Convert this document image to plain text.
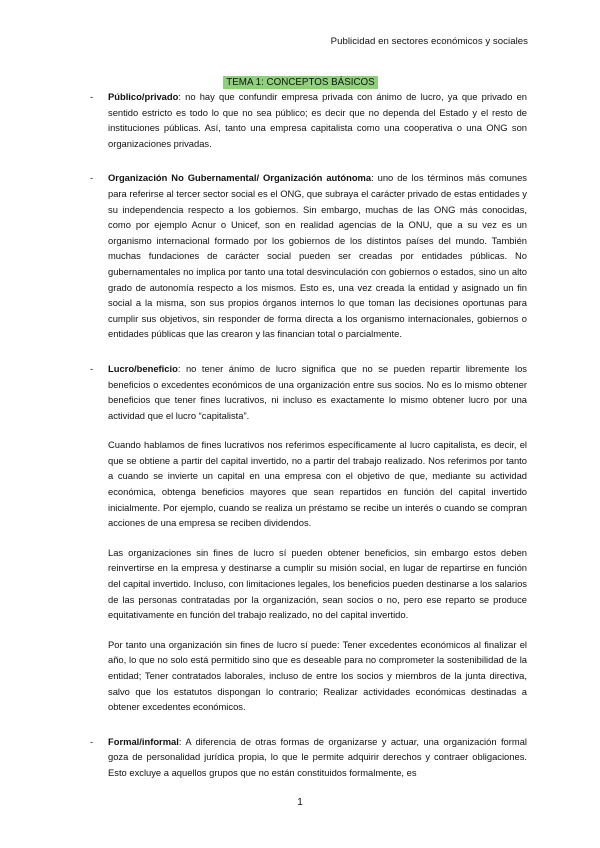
Publicidad en sectores económicos y sociales
TEMA 1: CONCEPTOS BÁSICOS
- Público/privado: no hay que confundir empresa privada con ánimo de lucro, ya que privado en sentido estricto es todo lo que no sea público; es decir que no dependa del Estado y el resto de instituciones públicas. Así, tanto una empresa capitalista como una cooperativa o una ONG son organizaciones privadas.

- Organización No Gubernamental/ Organización autónoma: uno de los términos más comunes para referirse al tercer sector social es el ONG, que subraya el carácter privado de estas entidades y su independencia respecto a los gobiernos. Sin embargo, muchas de las ONG más conocidas, como por ejemplo Acnur o Unicef, son en realidad agencias de la ONU, que a su vez es un organismo internacional formado por los gobiernos de los distintos países del mundo. También muchas fundaciones de carácter social pueden ser creadas por entidades públicas. No gubernamentales no implica por tanto una total desvinculación con gobiernos o estados, sino un alto grado de autonomía respecto a los mismos. Esto es, una vez creada la entidad y asignado un fin social a la misma, son sus propios órganos internos lo que toman las decisiones oportunas para cumplir sus objetivos, sin responder de forma directa a los organismo internacionales, gobiernos o entidades públicas que las crearon y las financian total o parcialmente.

- Lucro/beneficio: no tener ánimo de lucro significa que no se pueden repartir libremente los beneficios o excedentes económicos de una organización entre sus socios. No es lo mismo obtener beneficios que tener fines lucrativos, ni incluso es exactamente lo mismo obtener lucro por una actividad que el lucro “capitalista”.

Cuando hablamos de fines lucrativos nos referimos específicamente al lucro capitalista, es decir, el que se obtiene a partir del capital invertido, no a partir del trabajo realizado. Nos referimos por tanto a cuando se invierte un capital en una empresa con el objetivo de que, mediante su actividad económica, obtenga beneficios mayores que sean repartidos en función del capital invertido inicialmente. Por ejemplo, cuando se realiza un préstamo se recibe un interés o cuando se compran acciones de una empresa se reciben dividendos.

Las organizaciones sin fines de lucro sí pueden obtener beneficios, sin embargo estos deben reinvertirse en la empresa y destinarse a cumplir su misión social, en lugar de repartirse en función del capital invertido. Incluso, con limitaciones legales, los beneficios pueden destinarse a los salarios de las personas contratadas por la organización, sean socios o no, pero ese reparto se produce equitativamente en función del trabajo realizado, no del capital invertido.

Por tanto una organización sin fines de lucro sí puede: Tener excedentes económicos al finalizar el año, lo que no solo está permitido sino que es deseable para no comprometer la sostenibilidad de la entidad; Tener contratados laborales, incluso de entre los socios y miembros de la junta directiva, salvo que los estatutos dispongan lo contrario; Realizar actividades económicas destinadas a obtener excedentes económicos.

- Formal/informal: A diferencia de otras formas de organizarse y actuar, una organización formal goza de personalidad jurídica propia, lo que le permite adquirir derechos y contraer obligaciones. Esto excluye a aquellos grupos que no están constituidos formalmente, es

1
